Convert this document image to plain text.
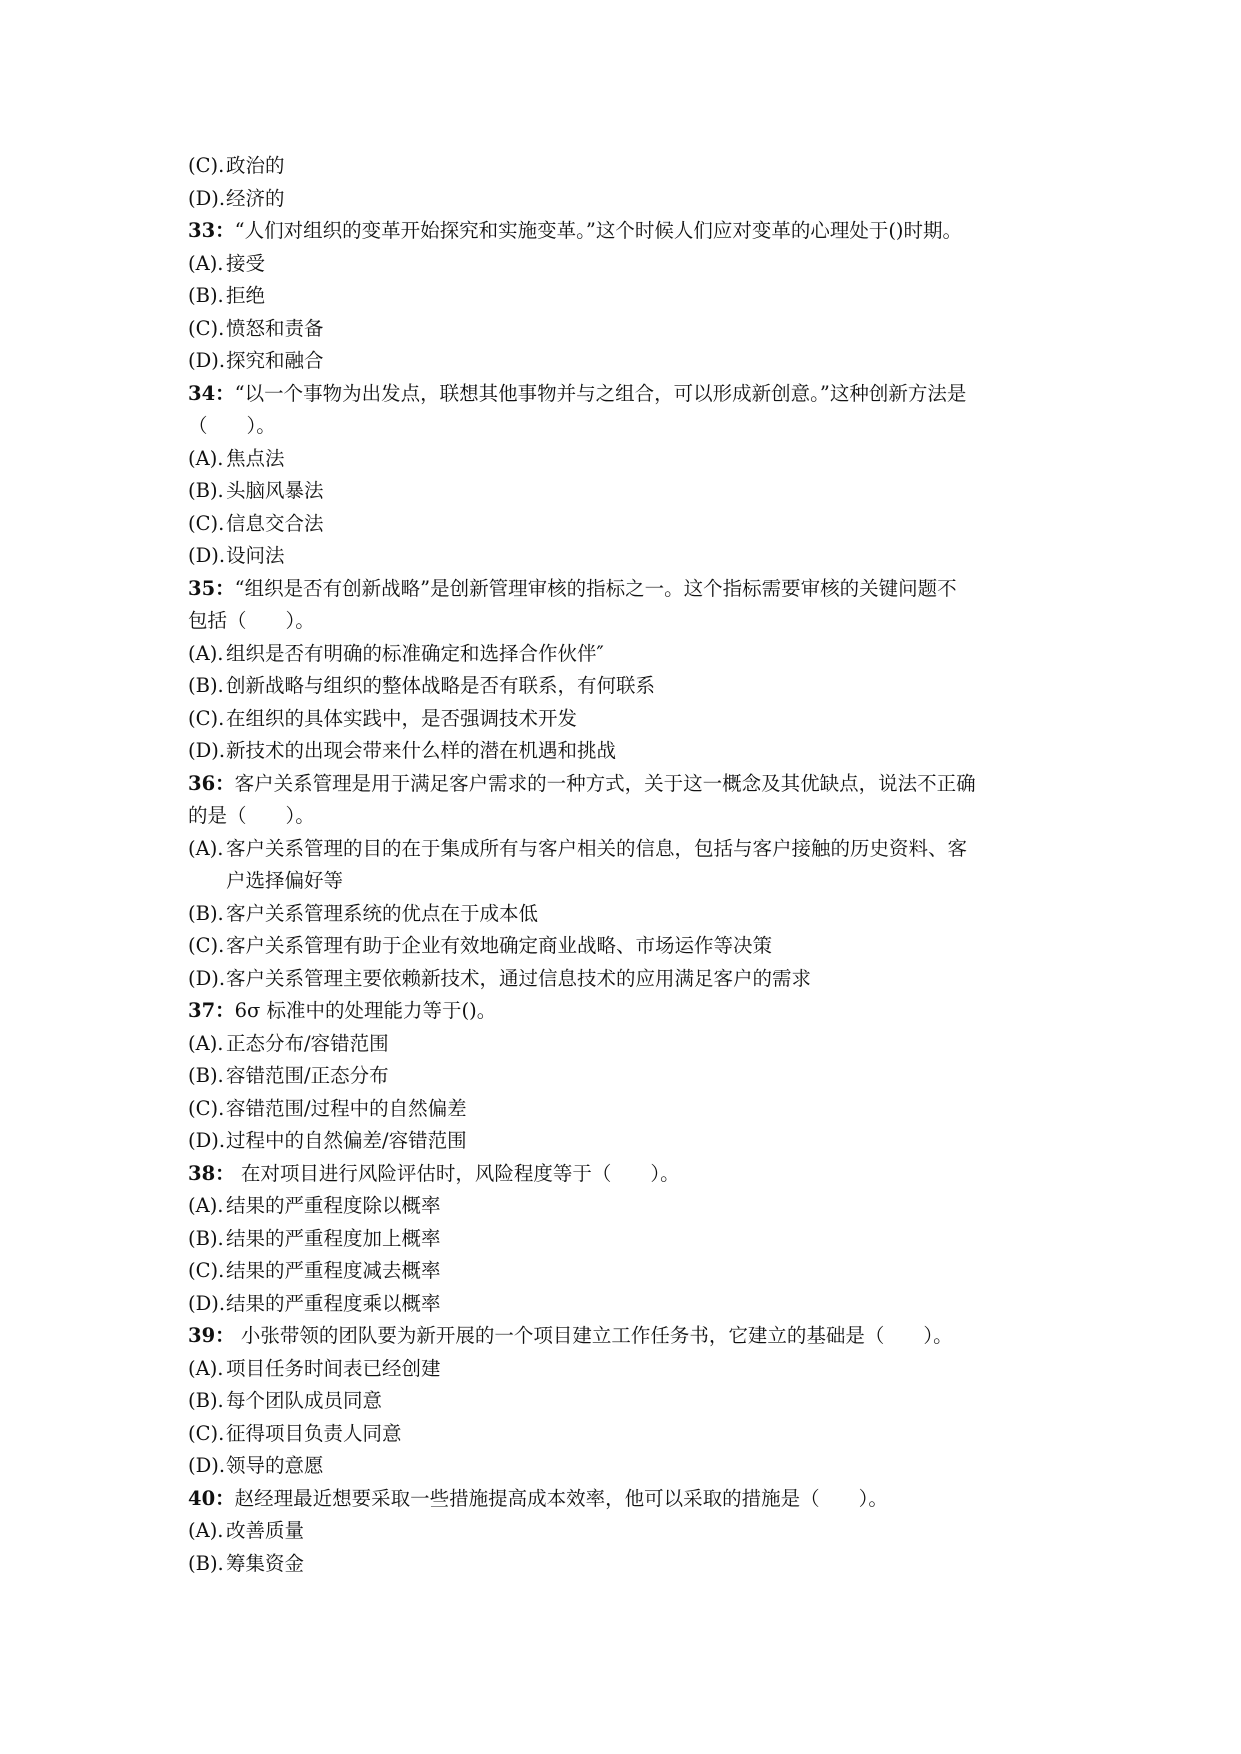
(C).政治的
(D).经济的
33：“人们对组织的变革开始探究和实施变革。”这个时候人们应对变革的心理处于()时期。
(A). 接受
(B). 拒绝
(C).愤怒和责备
(D).探究和融合
34：“以一个事物为出发点，联想其他事物并与之组合，可以形成新创意。”这种创新方法是
（　　）。
(A). 焦点法
(B). 头脑风暴法
(C).信息交合法
(D).设问法
35：“组织是否有创新战略”是创新管理审核的指标之一。这个指标需要审核的关键问题不
包括（　　）。
(A). 组织是否有明确的标准确定和选择合作伙伴″
(B). 创新战略与组织的整体战略是否有联系，有何联系
(C).在组织的具体实践中，是否强调技术开发
(D).新技术的出现会带来什么样的潜在机遇和挑战
36：客户关系管理是用于满足客户需求的一种方式，关于这一概念及其优缺点，说法不正确
的是（　　）。
(A). 客户关系管理的目的在于集成所有与客户相关的信息，包括与客户接触的历史资料、客
户选择偏好等
(B). 客户关系管理系统的优点在于成本低
(C).客户关系管理有助于企业有效地确定商业战略、市场运作等决策
(D).客户关系管理主要依赖新技术，通过信息技术的应用满足客户的需求
37：6σ 标准中的处理能力等于()。
(A). 正态分布/容错范围
(B). 容错范围/正态分布
(C).容错范围/过程中的自然偏差
(D).过程中的自然偏差/容错范围
38： 在对项目进行风险评估时，风险程度等于（　　）。
(A). 结果的严重程度除以概率
(B). 结果的严重程度加上概率
(C).结果的严重程度减去概率
(D).结果的严重程度乘以概率
39： 小张带领的团队要为新开展的一个项目建立工作任务书，它建立的基础是（　　）。
(A). 项目任务时间表已经创建
(B). 每个团队成员同意
(C).征得项目负责人同意
(D).领导的意愿
40：赵经理最近想要采取一些措施提高成本效率，他可以采取的措施是（　　）。
(A). 改善质量
(B). 筹集资金
